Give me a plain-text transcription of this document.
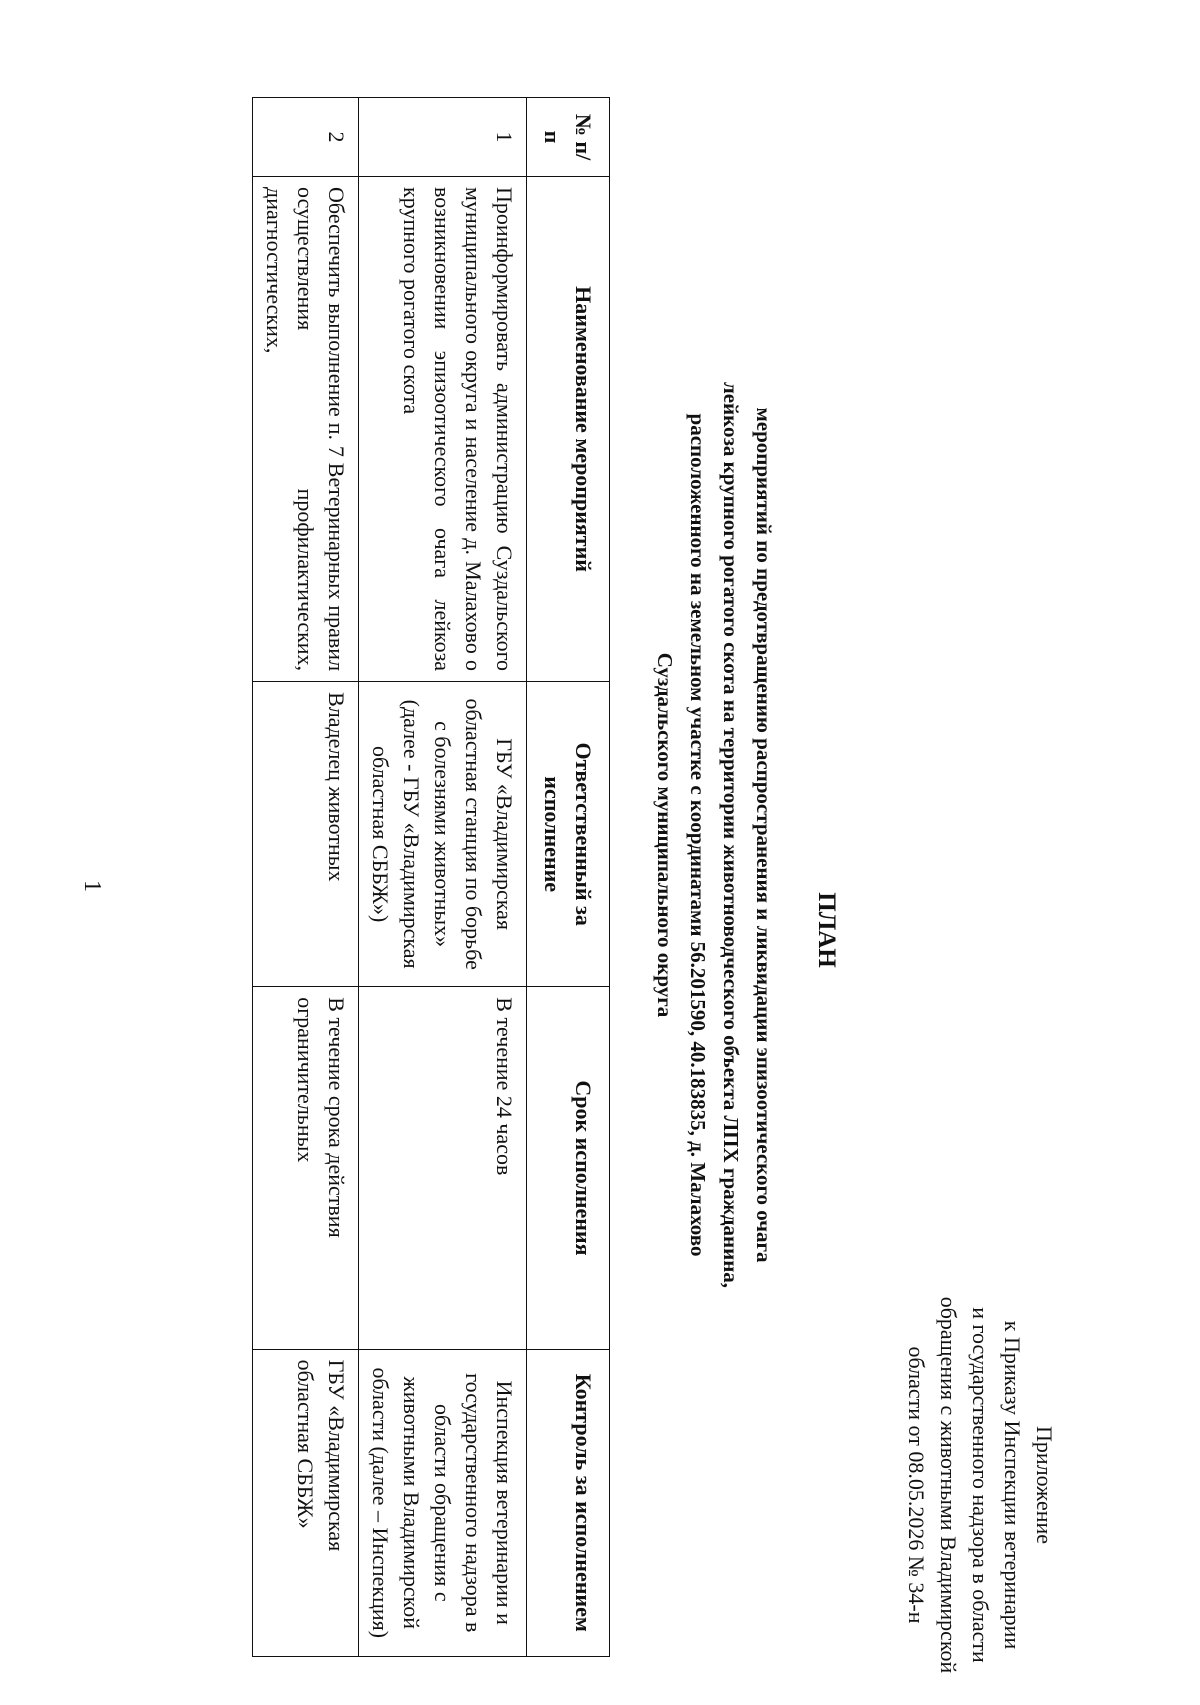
1
Приложение
к Приказу Инспекции ветеринарии
и государственного надзора в области
обращения с животными Владимирской
области от 08.05.2026 № 34-н
ПЛАН
мероприятий по предотвращению распространения и ликвидации эпизоотического очага
лейкоза крупного рогатого скота на территории животноводческого объекта ЛПХ гражданина,
расположенного на земельном участке с координатами 56.201590, 40.183835, д. Малахово
Суздальского муниципального округа
№ п/п	Наименование мероприятий	Ответственный за исполнение	Срок исполнения	Контроль за исполнением
1	Проинформировать администрацию Суздальского муниципального округа и население д. Малахово о возникновении эпизоотического очага лейкоза крупного рогатого скота	ГБУ «Владимирская областная станция по борьбе с болезнями животных» (далее - ГБУ «Владимирская областная СББЖ»)	В течение 24 часов	Инспекция ветеринарии и государственного надзора в области обращения с животными Владимирской области (далее – Инспекция)
2	Обеспечить выполнение п. 7 Ветеринарных правил осуществления профилактических, диагностических,	Владелец животных	В течение срока действия ограничительных	ГБУ «Владимирская областная СББЖ»
